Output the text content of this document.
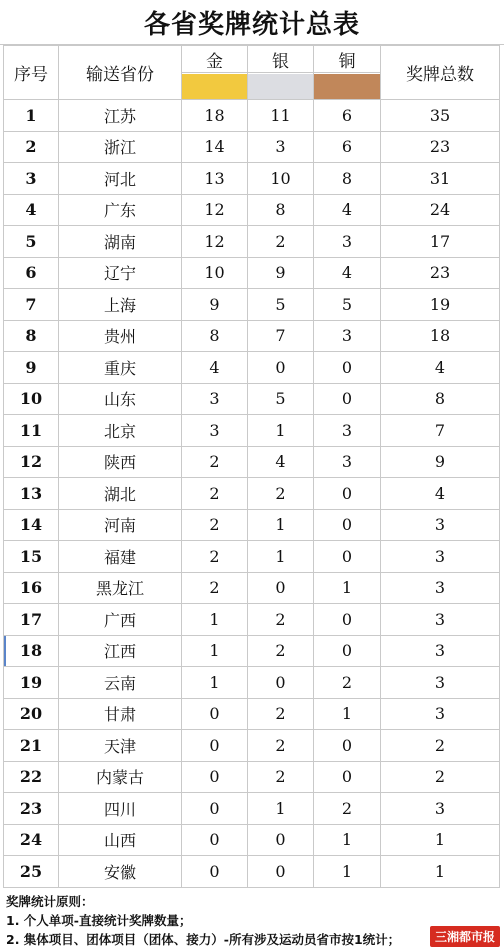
各省奖牌统计总表
序号	输送省份	金	银	铜	奖牌总数

1	江苏	18	11	6	35
2	浙江	14	3	6	23
3	河北	13	10	8	31
4	广东	12	8	4	24
5	湖南	12	2	3	17
6	辽宁	10	9	4	23
7	上海	9	5	5	19
8	贵州	8	7	3	18
9	重庆	4	0	0	4
10	山东	3	5	0	8
11	北京	3	1	3	7
12	陕西	2	4	3	9
13	湖北	2	2	0	4
14	河南	2	1	0	3
15	福建	2	1	0	3
16	黑龙江	2	0	1	3
17	广西	1	2	0	3
18	江西	1	2	0	3
19	云南	1	0	2	3
20	甘肃	0	2	1	3
21	天津	0	2	0	2
22	内蒙古	0	2	0	2
23	四川	0	1	2	3
24	山西	0	0	1	1
25	安徽	0	0	1	1
奖牌统计原则：
1. 个人单项-直接统计奖牌数量；
2. 集体项目、团体项目（团体、接力）-所有涉及运动员省市按1统计；	三湘都市报
